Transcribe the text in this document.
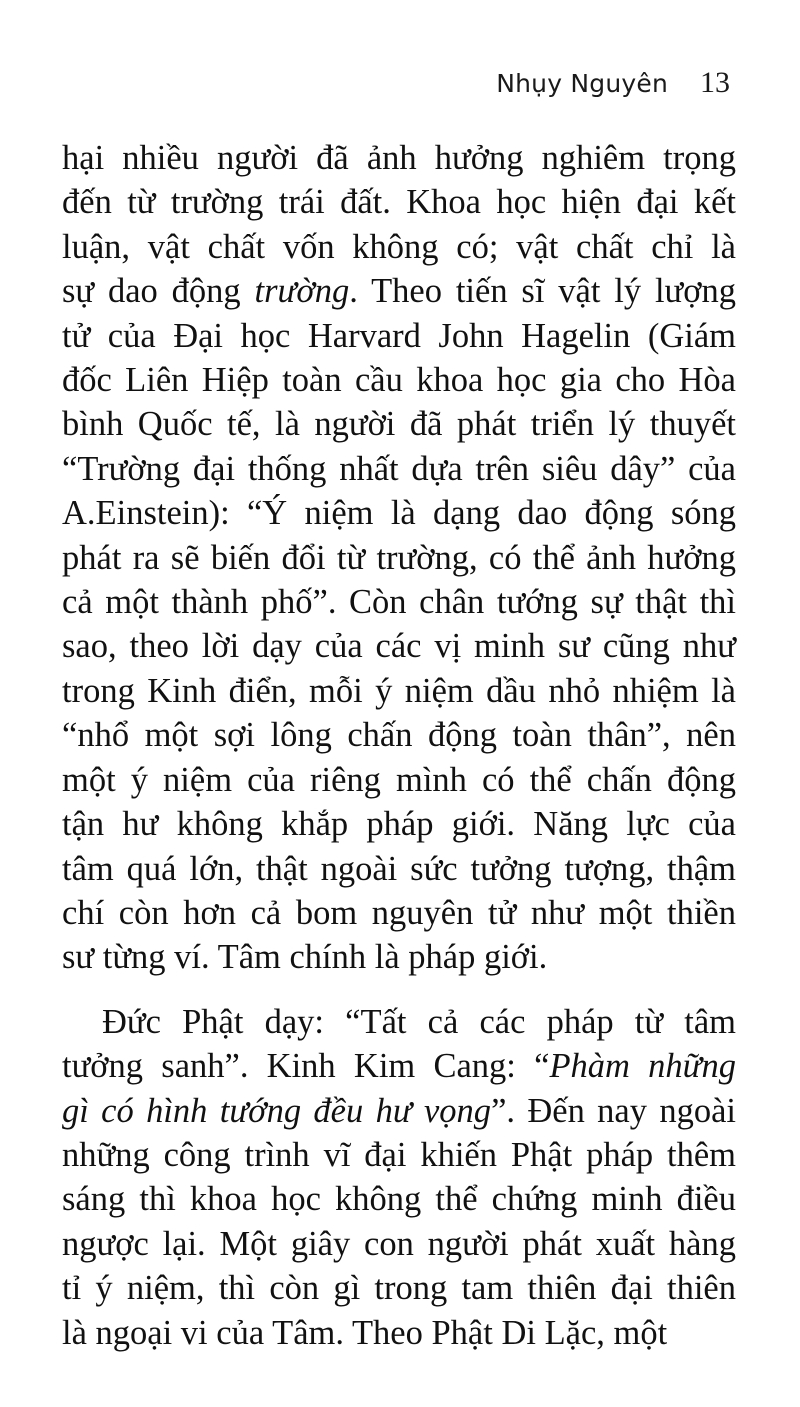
Nhụy Nguyên 13

hại nhiều người đã ảnh hưởng nghiêm trọng
đến từ trường trái đất. Khoa học hiện đại kết
luận, vật chất vốn không có; vật chất chỉ là
sự dao động trường. Theo tiến sĩ vật lý lượng
tử của Đại học Harvard John Hagelin (Giám
đốc Liên Hiệp toàn cầu khoa học gia cho Hòa
bình Quốc tế, là người đã phát triển lý thuyết
“Trường đại thống nhất dựa trên siêu dây” của
A.Einstein): “Ý niệm là dạng dao động sóng
phát ra sẽ biến đổi từ trường, có thể ảnh hưởng
cả một thành phố”. Còn chân tướng sự thật thì
sao, theo lời dạy của các vị minh sư cũng như
trong Kinh điển, mỗi ý niệm dầu nhỏ nhiệm là
“nhổ một sợi lông chấn động toàn thân”, nên
một ý niệm của riêng mình có thể chấn động
tận hư không khắp pháp giới. Năng lực của
tâm quá lớn, thật ngoài sức tưởng tượng, thậm
chí còn hơn cả bom nguyên tử như một thiền
sư từng ví. Tâm chính là pháp giới.

Đức Phật dạy: “Tất cả các pháp từ tâm
tưởng sanh”. Kinh Kim Cang: “Phàm những
gì có hình tướng đều hư vọng”. Đến nay ngoài
những công trình vĩ đại khiến Phật pháp thêm
sáng thì khoa học không thể chứng minh điều
ngược lại. Một giây con người phát xuất hàng
tỉ ý niệm, thì còn gì trong tam thiên đại thiên
là ngoại vi của Tâm. Theo Phật Di Lặc, một
